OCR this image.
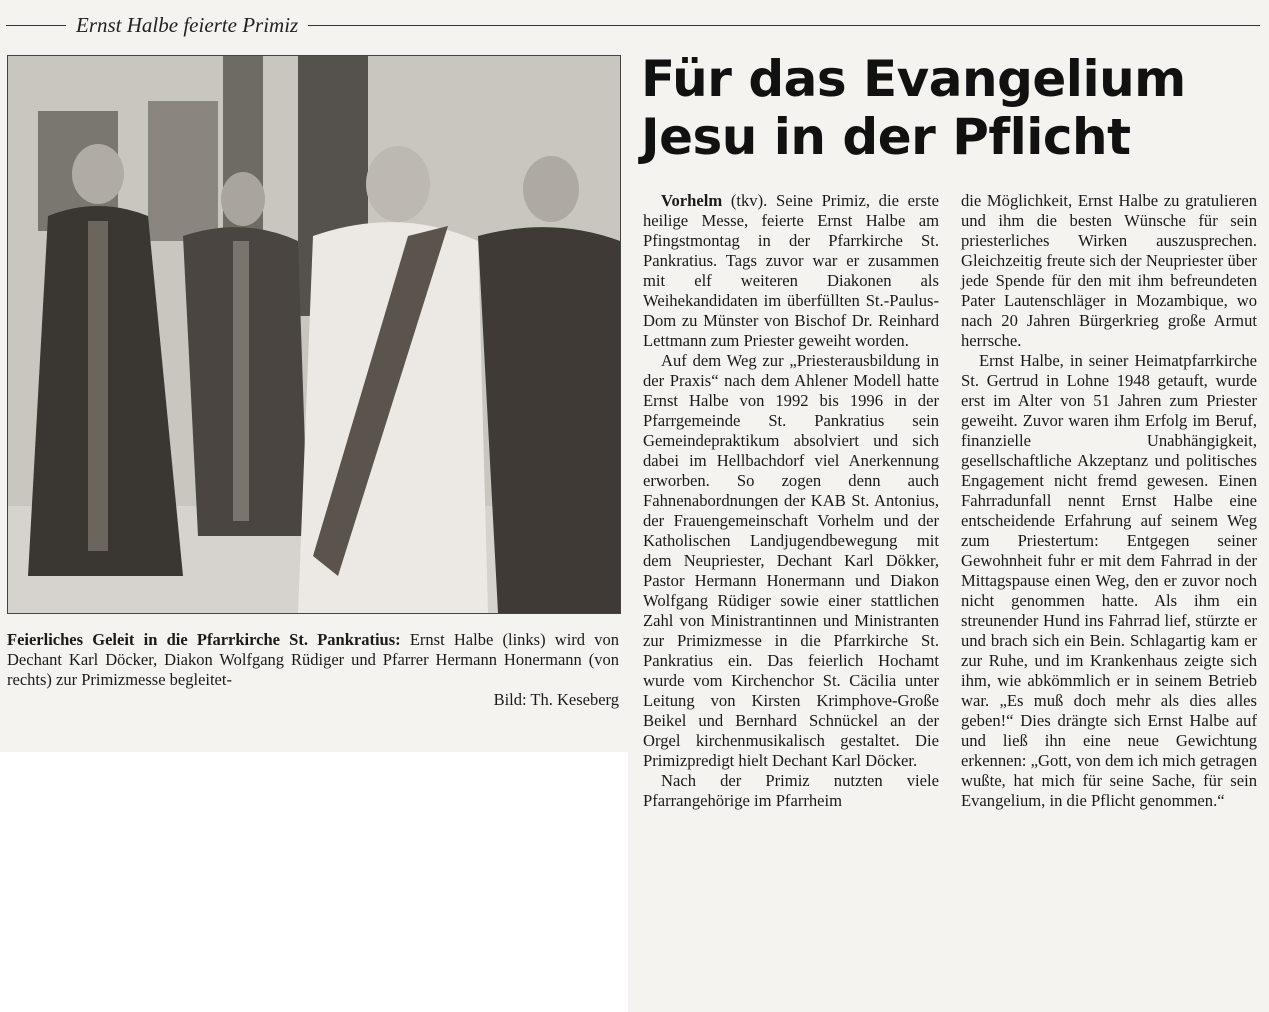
Ernst Halbe feierte Primiz
Feierliches Geleit in die Pfarrkirche St. Pankratius: Ernst Halbe (links) wird von Dechant Karl Döcker, Diakon Wolfgang Rüdiger und Pfarrer Hermann Honermann (von rechts) zur Primizmesse begleitet-
Bild: Th. Keseberg
Für das Evangelium
Jesu in der Pflicht

Vorhelm (tkv). Seine Primiz, die erste heilige Messe, feierte Ernst Halbe am Pfingstmontag in der Pfarrkirche St. Pankratius. Tags zuvor war er zusammen mit elf weiteren Diakonen als Weihekandidaten im überfüllten St.-Paulus-Dom zu Münster von Bischof Dr. Reinhard Lettmann zum Priester geweiht worden.

Auf dem Weg zur „Priesterausbildung in der Praxis“ nach dem Ahlener Modell hatte Ernst Halbe von 1992 bis 1996 in der Pfarrgemeinde St. Pankratius sein Gemeindepraktikum absolviert und sich dabei im Hellbachdorf viel Anerkennung erworben. So zogen denn auch Fahnenabordnungen der KAB St. Antonius, der Frauengemeinschaft Vorhelm und der Katholischen Landjugendbewegung mit dem Neupriester, Dechant Karl Dökker, Pastor Hermann Honermann und Diakon Wolfgang Rüdiger sowie einer stattlichen Zahl von Ministrantinnen und Ministranten zur Primizmesse in die Pfarrkirche St. Pankratius ein. Das feierlich Hochamt wurde vom Kirchenchor St. Cäcilia unter Leitung von Kirsten Krimphove-Große Beikel und Bernhard Schnückel an der Orgel kirchenmusikalisch gestaltet. Die Primizpredigt hielt Dechant Karl Döcker.

Nach der Primiz nutzten viele Pfarrangehörige im Pfarrheim

die Möglichkeit, Ernst Halbe zu gratulieren und ihm die besten Wünsche für sein priesterliches Wirken auszusprechen. Gleichzeitig freute sich der Neupriester über jede Spende für den mit ihm befreundeten Pater Lautenschläger in Mozambique, wo nach 20 Jahren Bürgerkrieg große Armut herrsche.

Ernst Halbe, in seiner Heimatpfarrkirche St. Gertrud in Lohne 1948 getauft, wurde erst im Alter von 51 Jahren zum Priester geweiht. Zuvor waren ihm Erfolg im Beruf, finanzielle Unabhängigkeit, gesellschaftliche Akzeptanz und politisches Engagement nicht fremd gewesen. Einen Fahrradunfall nennt Ernst Halbe eine entscheidende Erfahrung auf seinem Weg zum Priestertum: Entgegen seiner Gewohnheit fuhr er mit dem Fahrrad in der Mittagspause einen Weg, den er zuvor noch nicht genommen hatte. Als ihm ein streunender Hund ins Fahrrad lief, stürzte er und brach sich ein Bein. Schlagartig kam er zur Ruhe, und im Krankenhaus zeigte sich ihm, wie abkömmlich er in seinem Betrieb war. „Es muß doch mehr als dies alles geben!“ Dies drängte sich Ernst Halbe auf und ließ ihn eine neue Gewichtung erkennen: „Gott, von dem ich mich getragen wußte, hat mich für seine Sache, für sein Evangelium, in die Pflicht genommen.“
